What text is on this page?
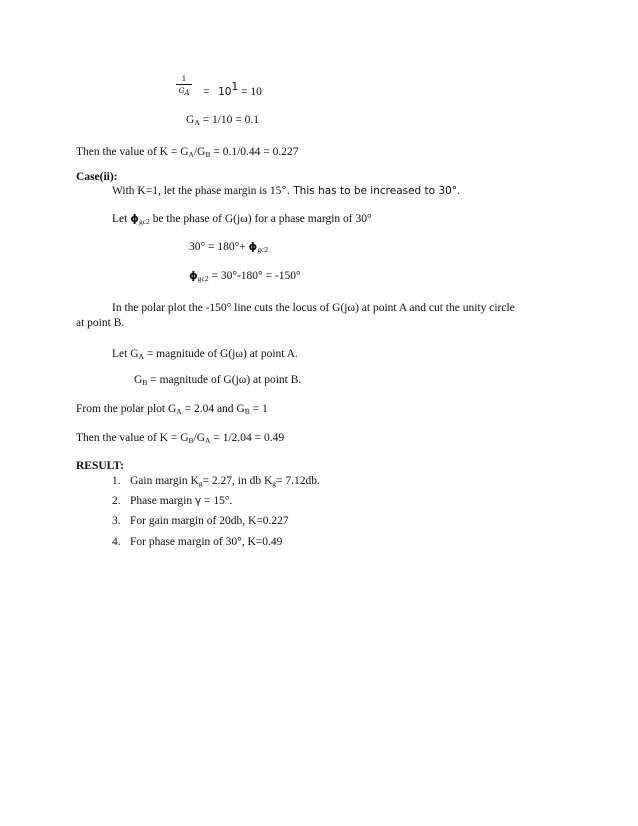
1
GA = 101 = 10
$G_A = 1/10 = 0.1$
Then the value of $K = G_A/G_B = 0.1/0.44 = 0.227$
Case(ii):
With K=1, let the phase margin is 15°. This has to be increased to 30°.
Let $\phi_{gc2}$ be the phase of G(jω) for a phase margin of 30°
$30^\circ = 180^\circ+ \phi_{gc2}$ $_.$
$\phi_{gc2} = 30^\circ-180^\circ = -150^\circ$
In the polar plot the -150° line cuts the locus of G(jω) at point A and cut the unity circle
at point B.
Let $G_A$ = magnitude of G(jω) at point A.
$G_B$ = magnitude of G(jω) at point B.
From the polar plot $G_A = 2.04$ and $G_B = 1$
Then the value of $K = G_B/G_A = 1/2.04 = 0.49$
RESULT:
1. Gain margin $K_g= 2.27$, in db $K_g= 7.12db$.
2. Phase margin γ = 15°.
3. For gain margin of 20db, K=0.227
4. For phase margin of 30°, K=0.49
